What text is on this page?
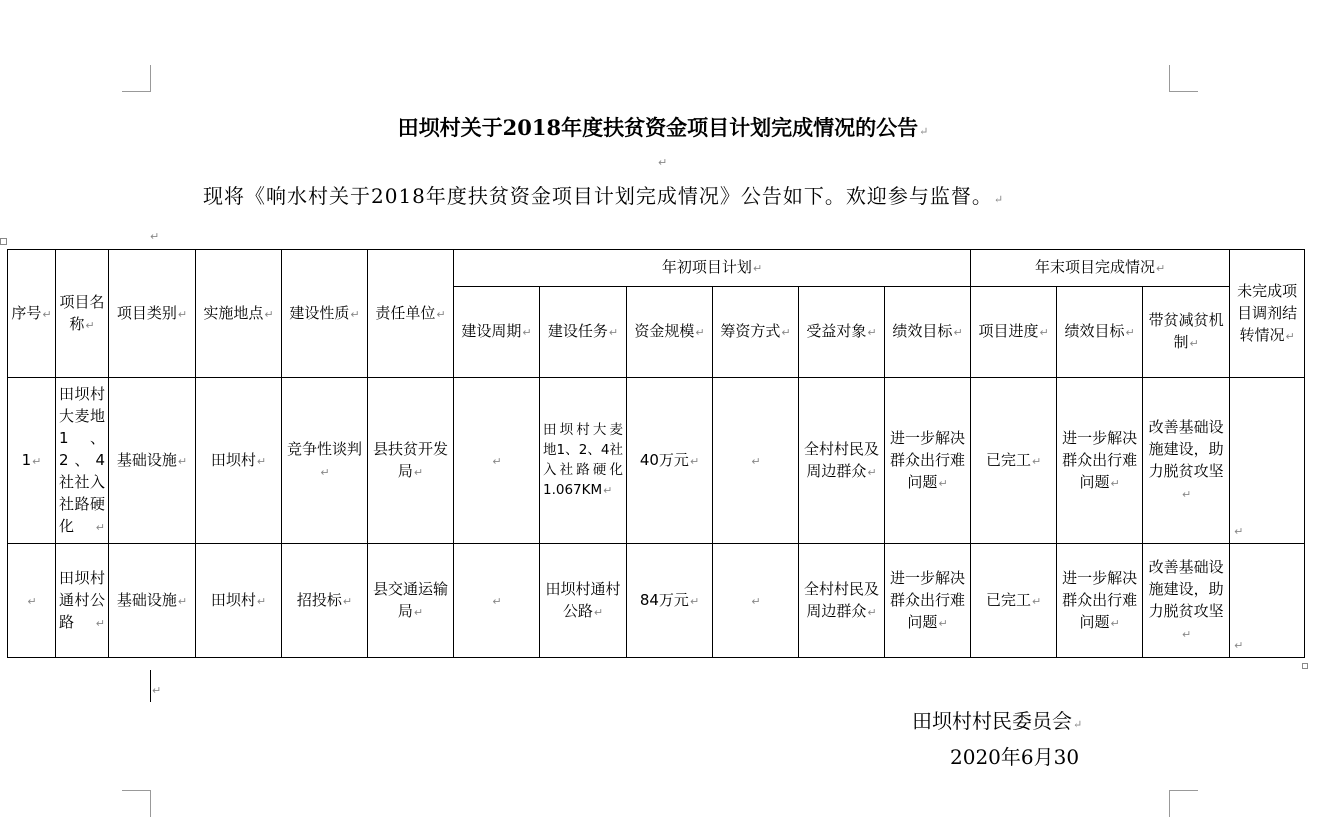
田坝村关于2018年度扶贫资金项目计划完成情况的公告↵
↵
现将《响水村关于2018年度扶贫资金项目计划完成情况》公告如下。欢迎参与监督。↵
↵
序号↵	项目名称↵	项目类别↵	实施地点↵	建设性质↵	责任单位↵	年初项目计划↵						年末项目完成情况↵			未完成项目调剂结转情况↵
						建设周期↵	建设任务↵	资金规模↵	筹资方式↵	受益对象↵	绩效目标↵	项目进度↵	绩效目标↵	带贫减贫机制↵	
1↵	田坝村大麦地1、2、4社社入社路硬化↵	基础设施↵	田坝村↵	竞争性谈判↵	县扶贫开发局↵	↵	田坝村大麦地1、2、4社入社路硬化1.067KM↵	40万元↵	↵	全村村民及周边群众↵	进一步解决群众出行难问题↵	已完工↵	进一步解决群众出行难问题↵	改善基础设施建设，助力脱贫攻坚↵	↵
↵	田坝村通村公路↵	基础设施↵	田坝村↵	招投标↵	县交通运输局↵	↵	田坝村通村公路↵	84万元↵	↵	全村村民及周边群众↵	进一步解决群众出行难问题↵	已完工↵	进一步解决群众出行难问题↵	改善基础设施建设，助力脱贫攻坚↵	↵
↵
田坝村村民委员会↵
2020年6月30
